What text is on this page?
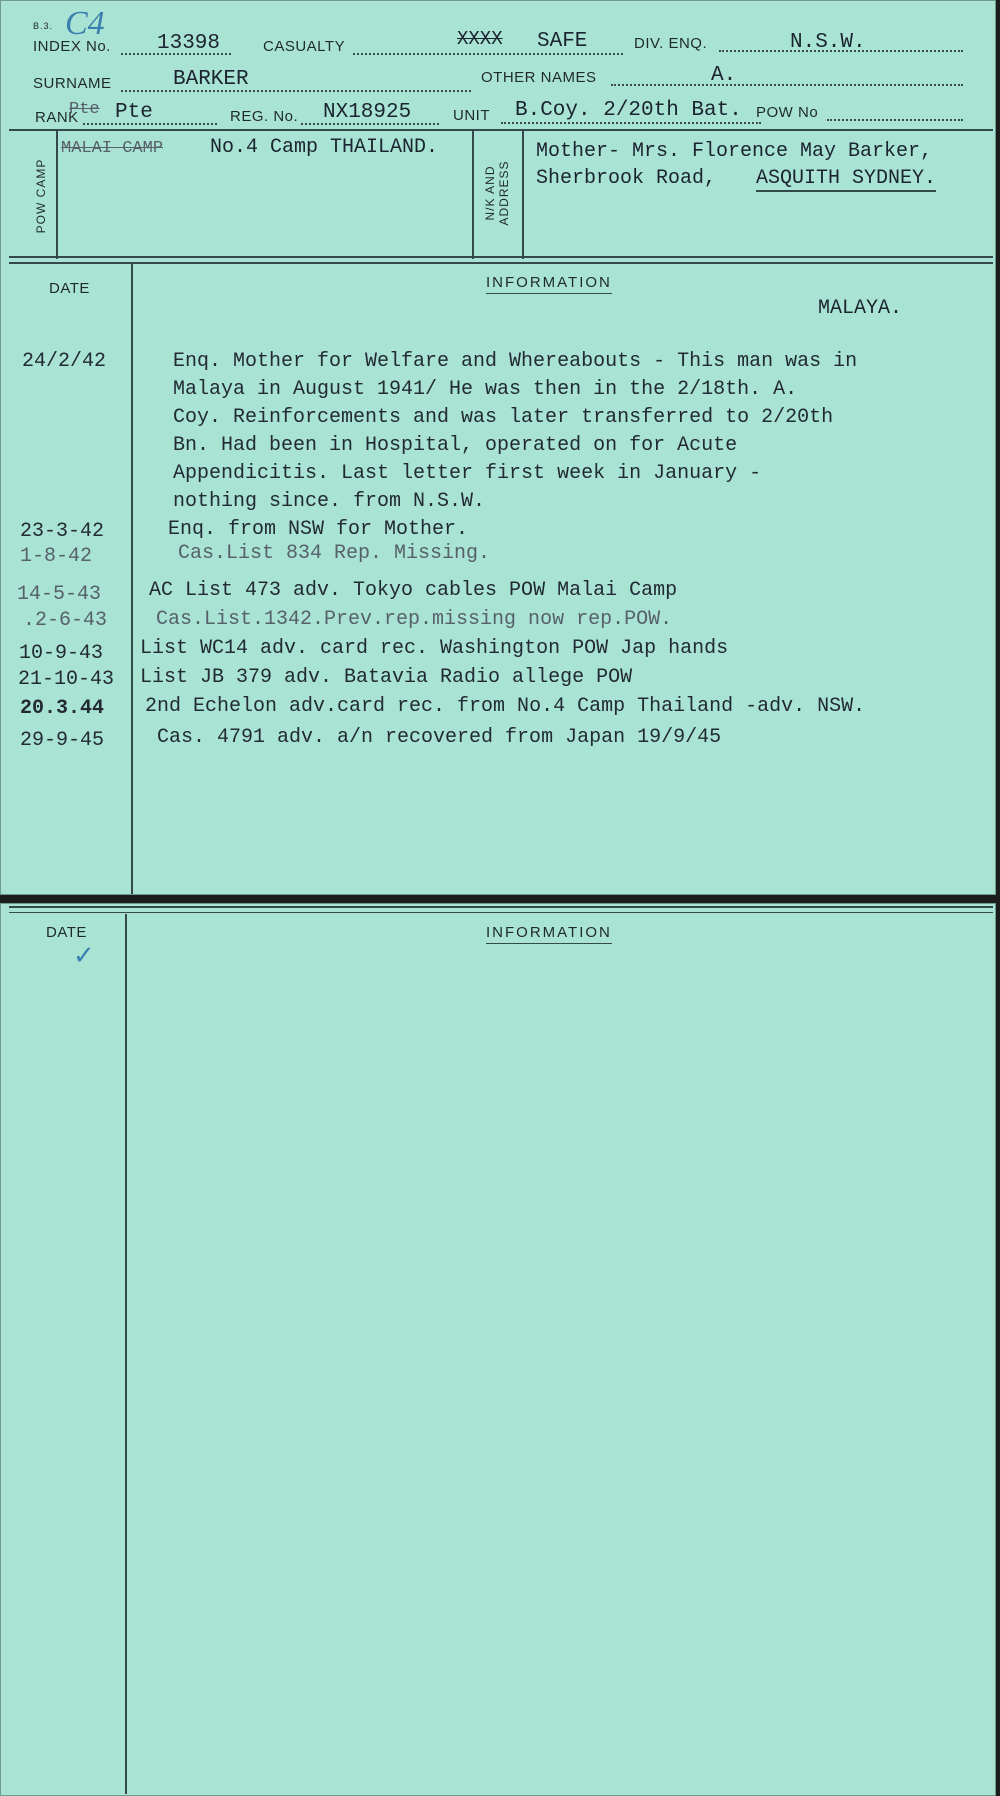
B.3. C4
INDEX No. 13398	CASUALTY	XXXX SAFE	DIV. ENQ.	N.S.W.
SURNAME	BARKER	OTHER NAMES	A.
RANK
Pte Pte	REG. No. NX18925	UNIT B.Coy. 2/20th Bat. POW No
POW CAMP
MALAI CAMP No.4 Camp THAILAND.
N/K AND ADDRESS
Mother- Mrs. Florence May Barker,
Sherbrook Road, ASQUITH SYDNEY.
DATE	INFORMATION
MALAYA.
24/2/42	Enq. Mother for Welfare and Whereabouts - This man was in
Malaya in August 1941/ He was then in the 2/18th. A.
Coy. Reinforcements and was later transferred to 2/20th
Bn. Had been in Hospital, operated on for Acute
Appendicitis. Last letter first week in January -
nothing since. from N.S.W.
23-3-42	Enq. from NSW for Mother.
1-8-42	Cas.List 834 Rep. Missing.
14-5-43 AC List 473 adv. Tokyo cables POW Malai Camp
.2-6-43 Cas.List.1342.Prev.rep.missing now rep.POW.
10-9-43 List WC14 adv. card rec. Washington POW Jap hands
21-10-43 List JB 379 adv. Batavia Radio allege POW
20.3.44 2nd Echelon adv.card rec. from No.4 Camp Thailand -adv. NSW.
29-9-45	Cas. 4791 adv. a/n recovered from Japan 19/9/45
DATE
✓
INFORMATION
